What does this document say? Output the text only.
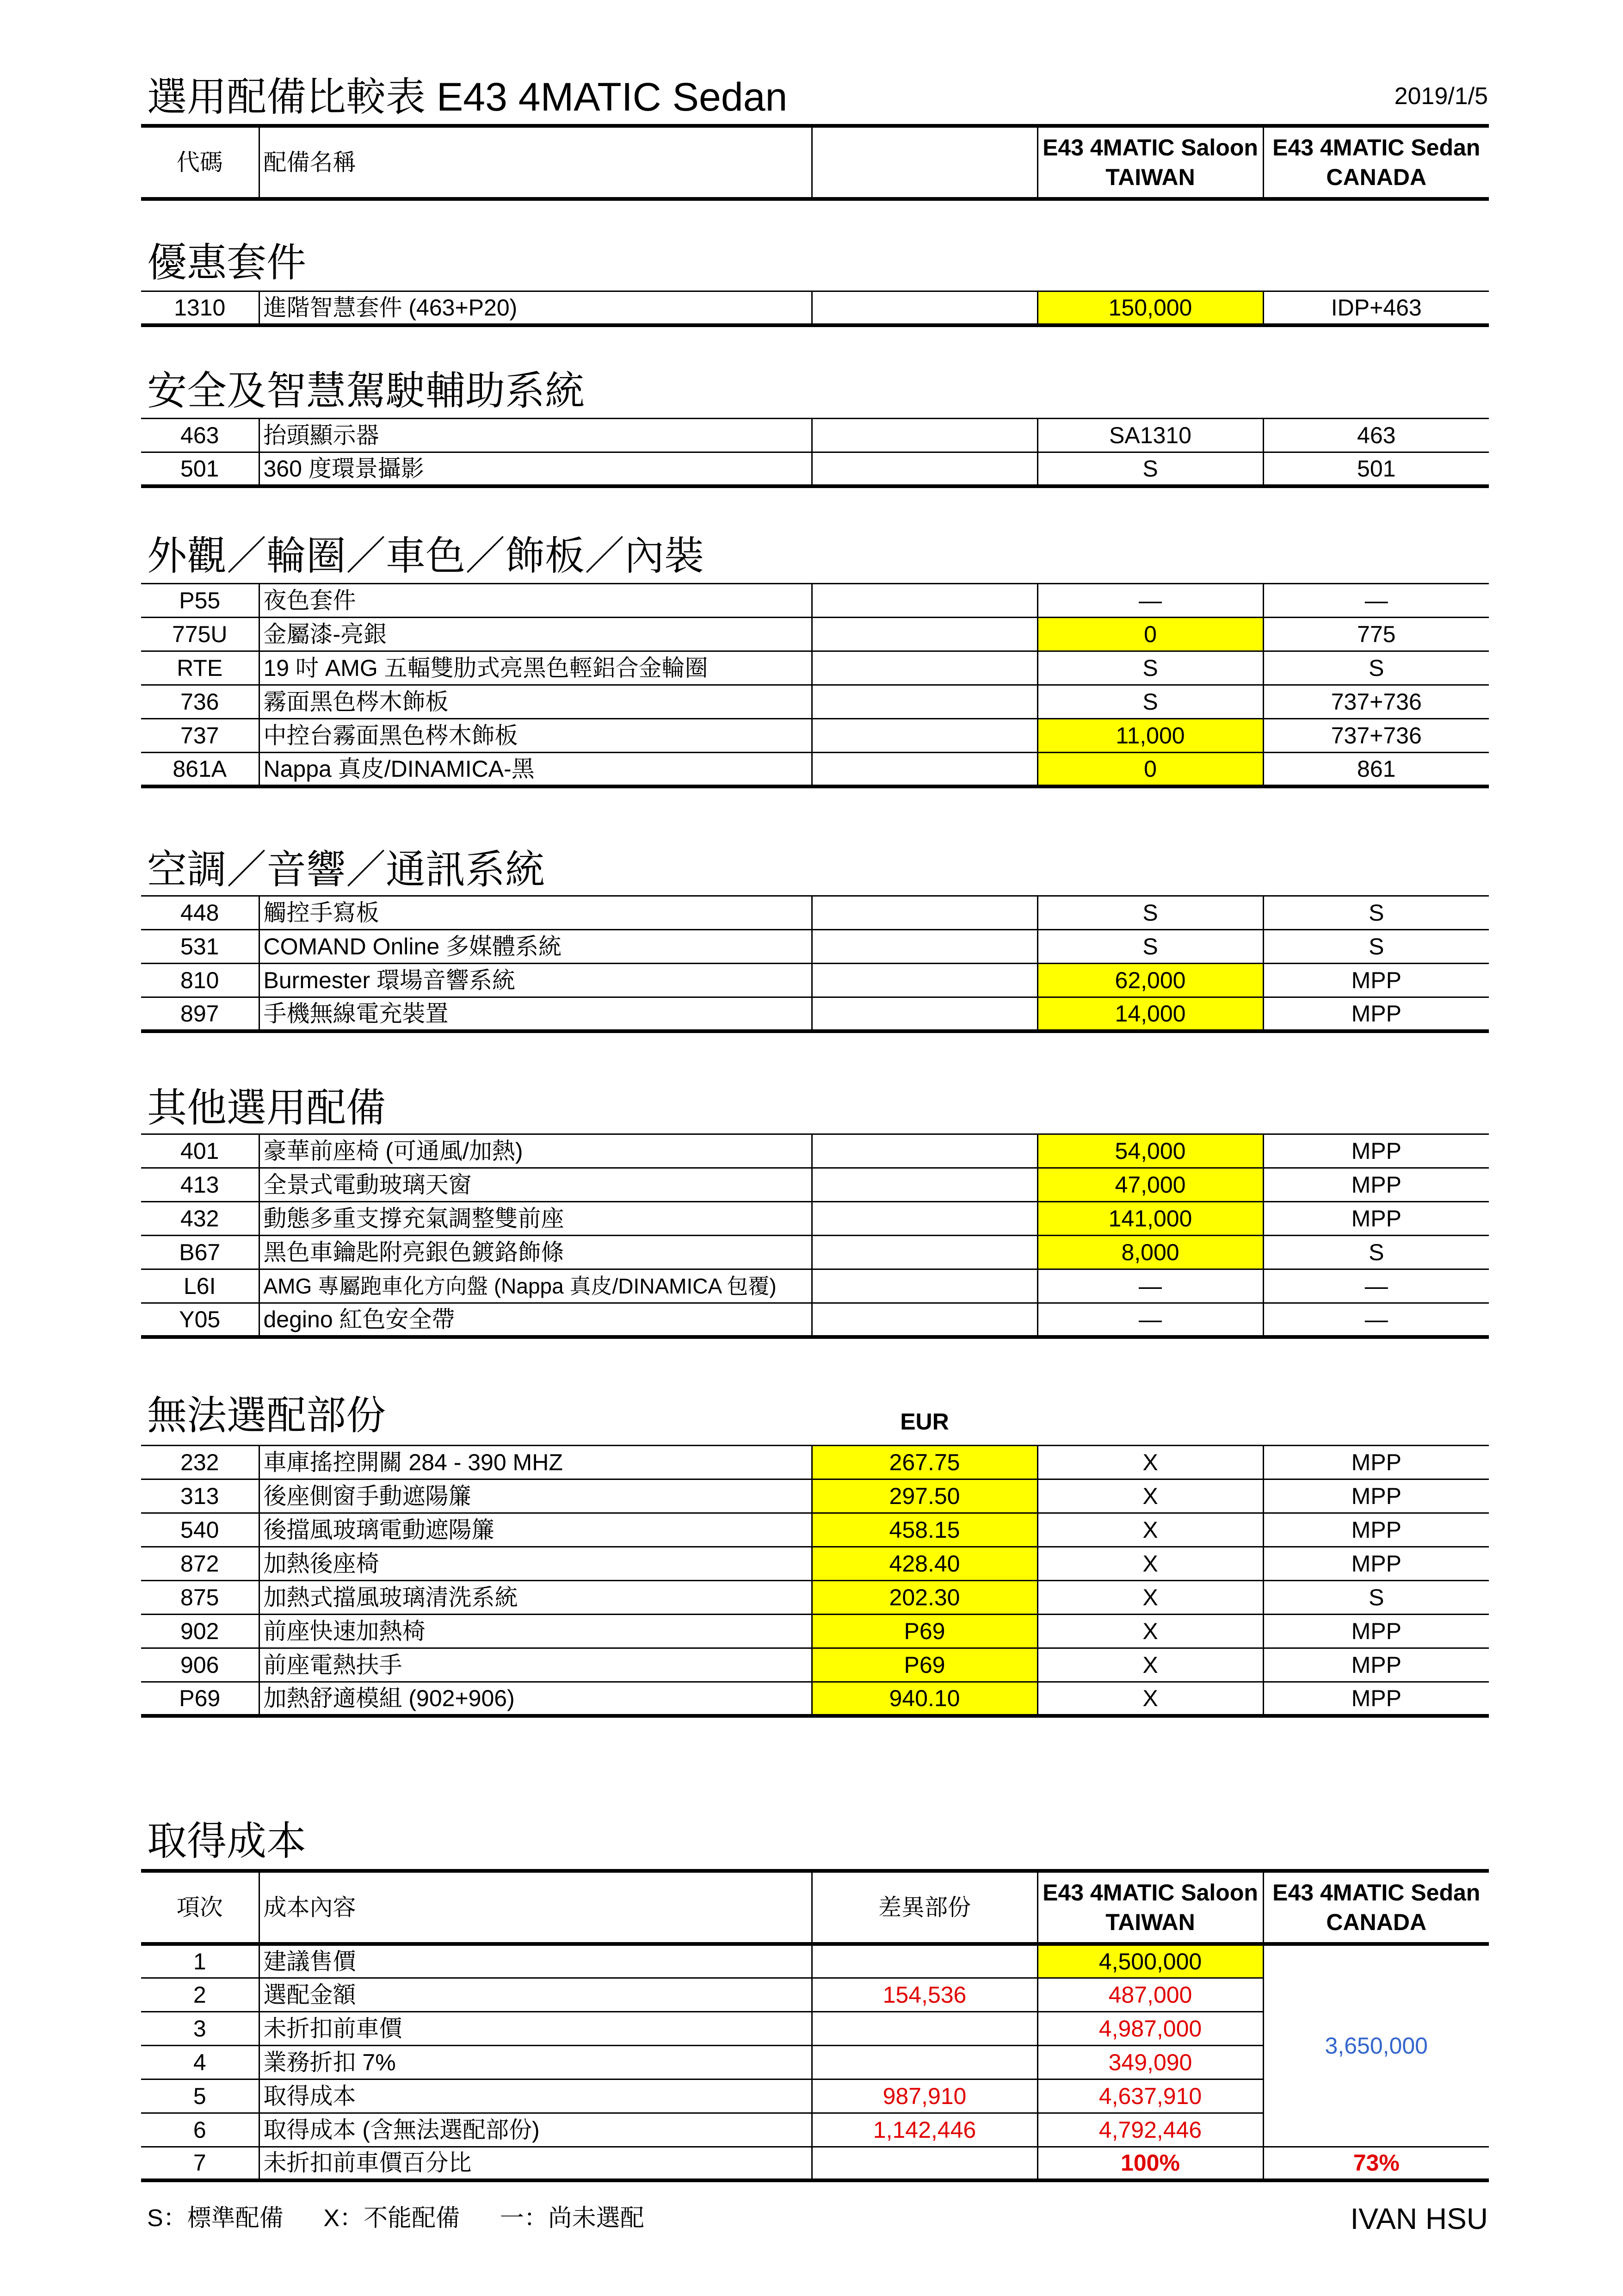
選用配備比較表 E43 4MATIC Sedan	2019/1/5
代碼	配備名稱		E43 4MATIC Saloon TAIWAN	E43 4MATIC Sedan CANADA
優惠套件
1310	進階智慧套件 (463+P20)		150,000	IDP+463
安全及智慧駕駛輔助系統
463	抬頭顯示器		SA1310	463
501	360 度環景攝影		S	501
外觀／輪圈／車色／飾板／內裝
P55	夜色套件		—	—
775U	金屬漆-亮銀		0	775
RTE	19 吋 AMG 五輻雙肋式亮黑色輕鋁合金輪圈		S	S
736	霧面黑色梣木飾板		S	737+736
737	中控台霧面黑色梣木飾板		11,000	737+736
861A	Nappa 真皮/DINAMICA-黑		0	861
空調／音響／通訊系統
448	觸控手寫板		S	S
531	COMAND Online 多媒體系統		S	S
810	Burmester 環場音響系統		62,000	MPP
897	手機無線電充裝置		14,000	MPP
其他選用配備
401	豪華前座椅 (可通風/加熱)		54,000	MPP
413	全景式電動玻璃天窗		47,000	MPP
432	動態多重支撐充氣調整雙前座		141,000	MPP
B67	黑色車鑰匙附亮銀色鍍鉻飾條		8,000	S
L6I	AMG 專屬跑車化方向盤 (Nappa 真皮/DINAMICA 包覆)		—	—
Y05	degino 紅色安全帶		—	—
無法選配部份	EUR
232	車庫搖控開關 284 - 390 MHZ	267.75	X	MPP
313	後座側窗手動遮陽簾	297.50	X	MPP
540	後擋風玻璃電動遮陽簾	458.15	X	MPP
872	加熱後座椅	428.40	X	MPP
875	加熱式擋風玻璃清洗系統	202.30	X	S
902	前座快速加熱椅	P69	X	MPP
906	前座電熱扶手	P69	X	MPP
P69	加熱舒適模組 (902+906)	940.10	X	MPP
取得成本
項次	成本內容	差異部份	E43 4MATIC Saloon TAIWAN	E43 4MATIC Sedan CANADA
1	建議售價		4,500,000	3,650,000
2	選配金額	154,536	487,000	
3	未折扣前車價		4,987,000	
4	業務折扣 7%		349,090	
5	取得成本	987,910	4,637,910	
6	取得成本 (含無法選配部份)	1,142,446	4,792,446	
7	未折扣前車價百分比		100%	73%
S：標準配備 X：不能配備 一：尚未選配	IVAN HSU
